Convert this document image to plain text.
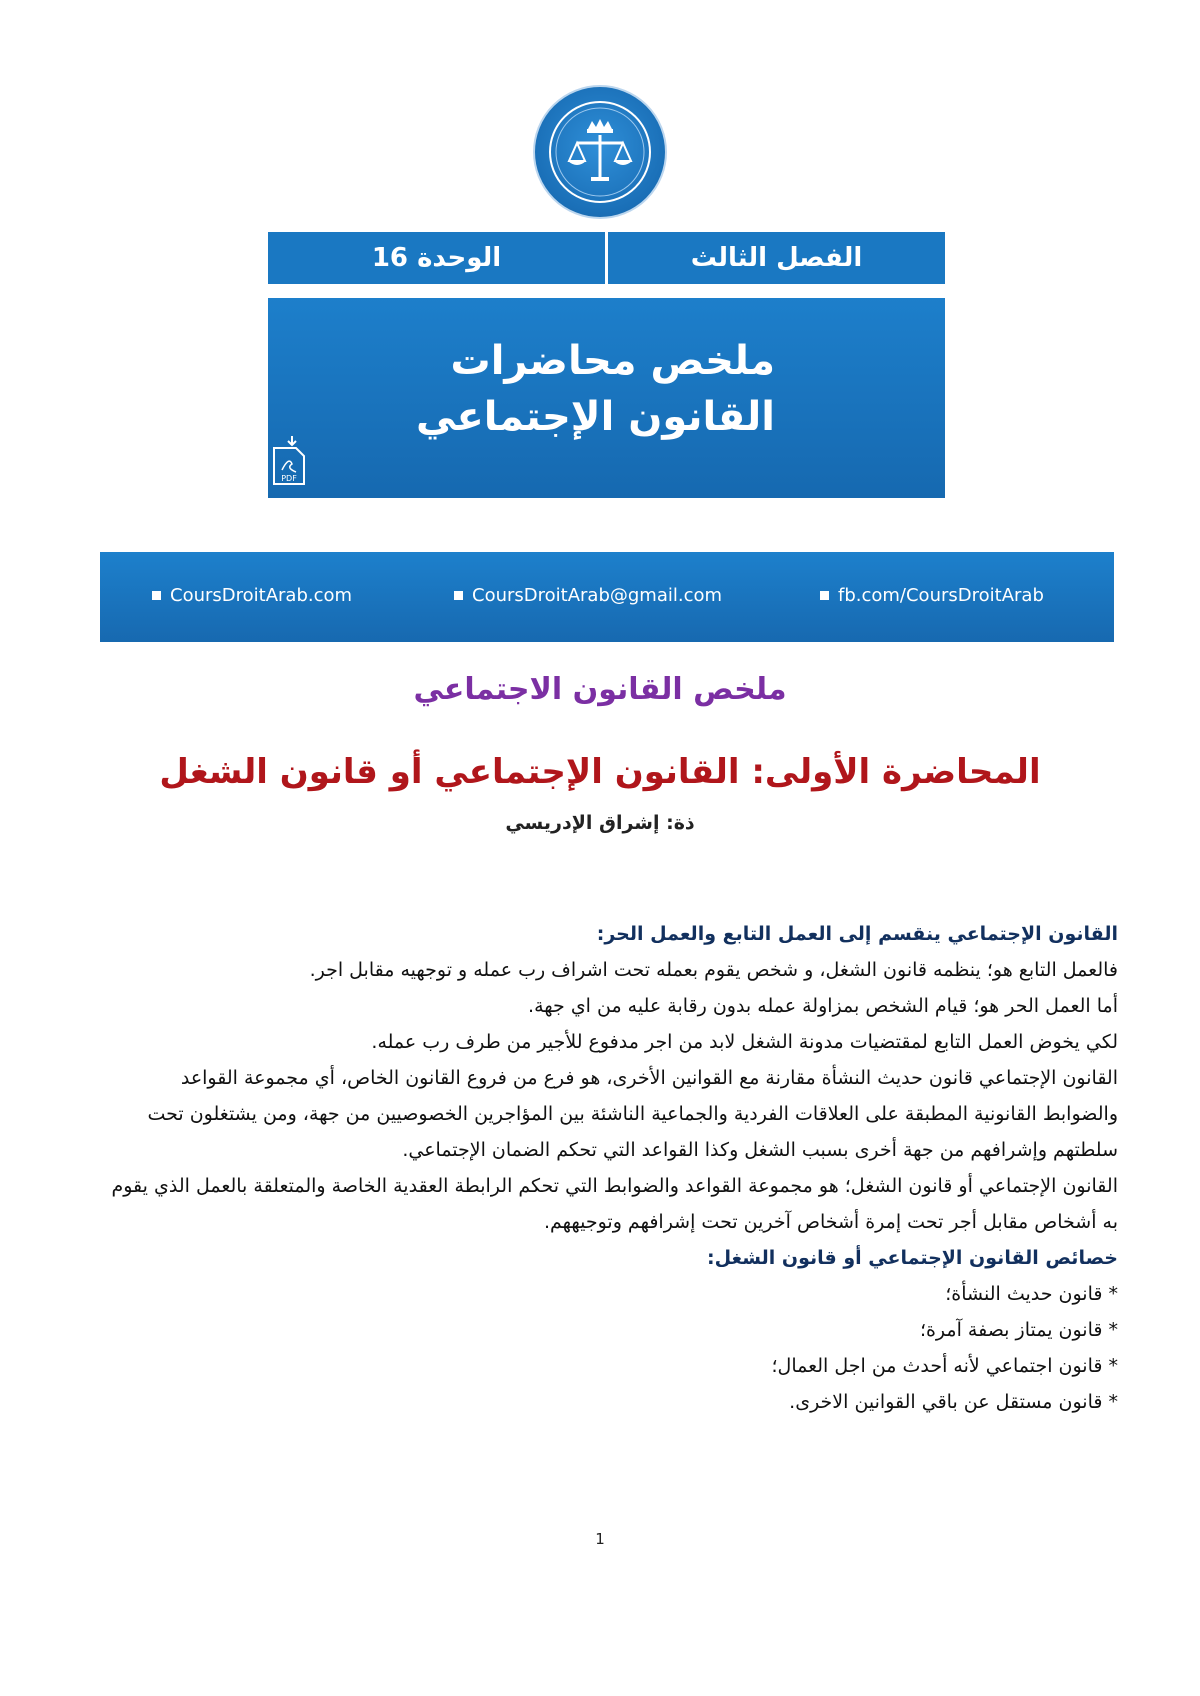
الفصل الثالث
الوحدة 16
ملخص محاضرات
القانون الإجتماعي
PDF
CoursDroitArab.com	CoursDroitArab@gmail.com	fb.com/CoursDroitArab
ملخص القانون الاجتماعي
المحاضرة الأولى: القانون الإجتماعي أو قانون الشغل
ذة: إشراق الإدريسي

القانون الإجتماعي ينقسم إلى العمل التابع والعمل الحر:

فالعمل التابع هو؛ ينظمه قانون الشغل، و شخص يقوم بعمله تحت اشراف رب عمله و توجهيه مقابل اجر.

أما العمل الحر هو؛ قيام الشخص بمزاولة عمله بدون رقابة عليه من اي جهة.

لكي يخوض العمل التابع لمقتضيات مدونة الشغل لابد من اجر مدفوع للأجير من طرف رب عمله.

القانون الإجتماعي قانون حديث النشأة مقارنة مع القوانين الأخرى، هو فرع من فروع القانون الخاص، أي مجموعة القواعد والضوابط القانونية المطبقة على العلاقات الفردية والجماعية الناشئة بين المؤاجرين الخصوصيين من جهة، ومن يشتغلون تحت سلطتهم وإشرافهم من جهة أخرى بسبب الشغل وكذا القواعد التي تحكم الضمان الإجتماعي.

القانون الإجتماعي أو قانون الشغل؛ هو مجموعة القواعد والضوابط التي تحكم الرابطة العقدية الخاصة والمتعلقة بالعمل الذي يقوم به أشخاص مقابل أجر تحت إمرة أشخاص آخرين تحت إشرافهم وتوجيههم.

خصائص القانون الإجتماعي أو قانون الشغل:

* قانون حديث النشأة؛

* قانون يمتاز بصفة آمرة؛

* قانون اجتماعي لأنه أحدث من اجل العمال؛

* قانون مستقل عن باقي القوانين الاخرى.

1
